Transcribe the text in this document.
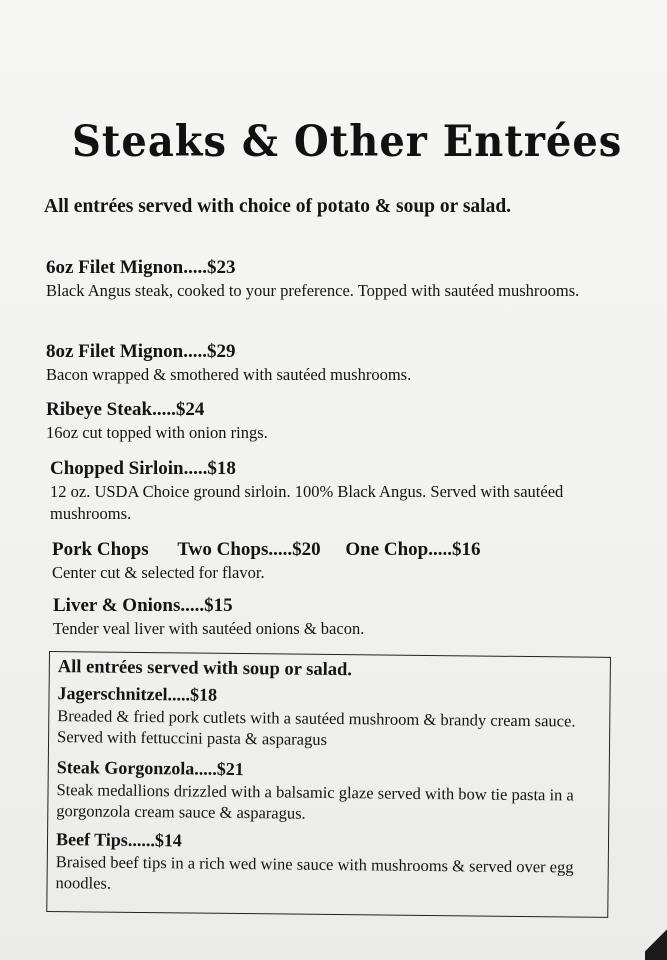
Steaks & Other Entrées
All entrées served with choice of potato & soup or salad.
6oz Filet Mignon.....$23
Black Angus steak, cooked to your preference. Topped with sautéed mushrooms.
8oz Filet Mignon.....$29
Bacon wrapped & smothered with sautéed mushrooms.
Ribeye Steak.....$24
16oz cut topped with onion rings.
Chopped Sirloin.....$18
12 oz. USDA Choice ground sirloin. 100% Black Angus. Served with sautéed mushrooms.
Pork Chops Two Chops.....$20 One Chop.....$16
Center cut & selected for flavor.
Liver & Onions.....$15
Tender veal liver with sautéed onions & bacon.
All entrées served with soup or salad.
Jagerschnitzel.....$18
Breaded & fried pork cutlets with a sautéed mushroom & brandy cream sauce. Served with fettuccini pasta & asparagus
Steak Gorgonzola.....$21
Steak medallions drizzled with a balsamic glaze served with bow tie pasta in a gorgonzola cream sauce & asparagus.
Beef Tips......$14
Braised beef tips in a rich wed wine sauce with mushrooms & served over egg noodles.
